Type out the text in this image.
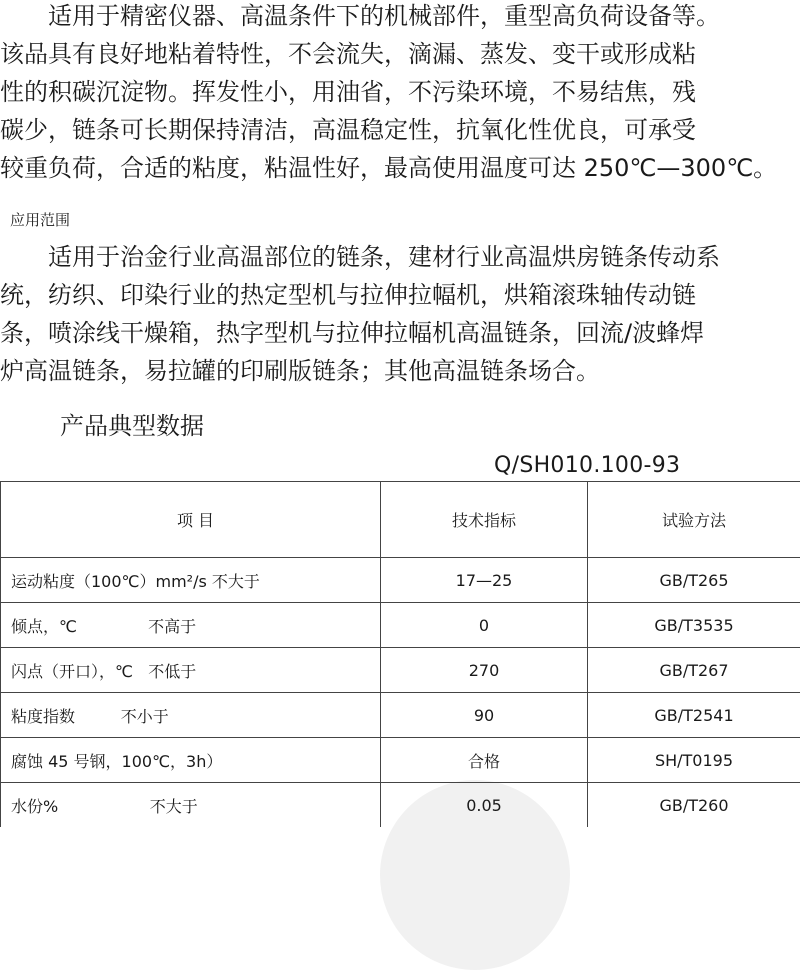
　　适用于精密仪器、高温条件下的机械部件，重型高负荷设备等。
该品具有良好地粘着特性，不会流失，滴漏、蒸发、变干或形成粘
性的积碳沉淀物。挥发性小，用油省，不污染环境，不易结焦，残
碳少，链条可长期保持清洁，高温稳定性，抗氧化性优良，可承受
较重负荷，合适的粘度，粘温性好，最高使用温度可达 250℃—300℃。
应用范围
　　适用于治金行业高温部位的链条，建材行业高温烘房链条传动系
统，纺织、印染行业的热定型机与拉伸拉幅机，烘箱滚珠轴传动链
条，喷涂线干燥箱，热字型机与拉伸拉幅机高温链条，回流/波蜂焊
炉高温链条，易拉罐的印刷版链条；其他高温链条场合。
产品典型数据
Q/SH010.100-93
项 目	技术指标	试验方法
运动粘度（100℃）mm²/s 不大于	17—25	GB/T265
倾点，℃              不高于	0	GB/T3535
闪点（开口），℃   不低于	270	GB/T267
粘度指数         不小于	90	GB/T2541
腐蚀 45 号钢，100℃，3h）	合格	SH/T0195
水份%                  不大于	0.05	GB/T260
